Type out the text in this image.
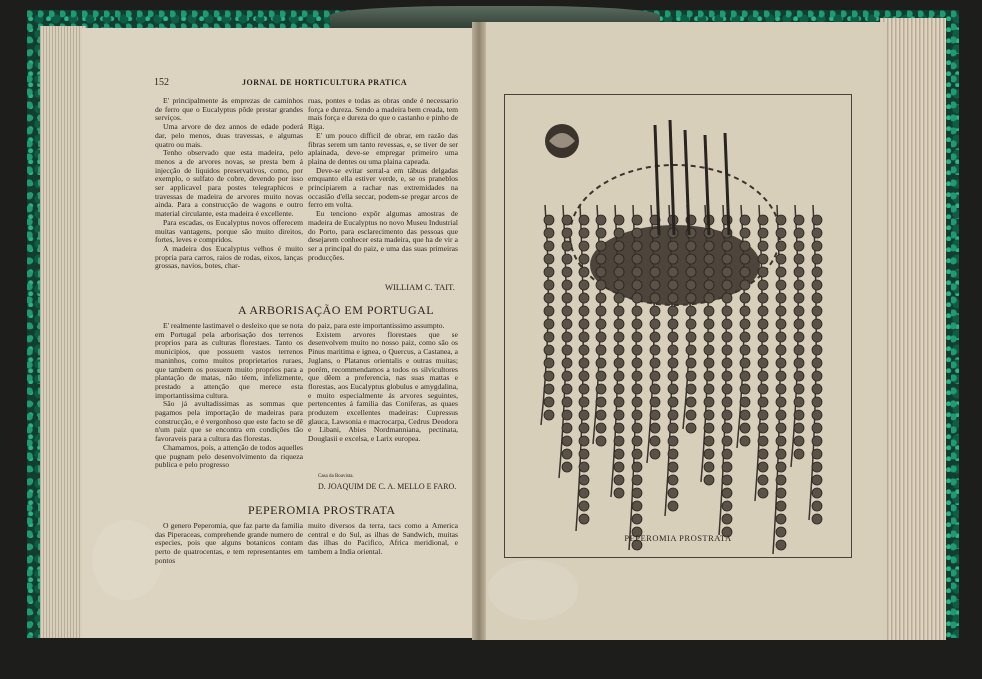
152	JORNAL DE HORTICULTURA PRATICA

E' principalmente ás emprezas de caminhos de ferro que o Eucalyptus pôde prestar grandes serviços.

Uma arvore de dez annos de edade poderá dar, pelo menos, duas travessas, e algumas quatro ou mais.

Tenho observado que esta madeira, pelo menos a de arvores novas, se presta bem á injecção de liquidos preservativos, como, por exemplo, o sulfato de cobre, devendo por isso ser applicavel para postes telegraphicos e travessas de madeira de arvores muito novas ainda. Para a construcção de wagons e outro material circulante, esta madeira é excellente.

Para escadas, os Eucalyptus novos offerecem muitas vantagens, porque são muito direitos, fortes, leves e compridos.

A madeira dos Eucalyptus velhos é muito propria para carros, raios de rodas, eixos, lanças grossas, navios, botes, char-

ruas, pontes e todas as obras onde é necessario força e dureza. Sendo a madeira bem creada, tem mais força e dureza do que o castanho e pinho de Riga.

E' um pouco difficil de obrar, em razão das fibras serem um tanto revessas, e, se tiver de ser aplainada, deve-se empregar primeiro uma plaina de dentes ou uma plaina capeada.

Deve-se evitar serral-a em tábuas delgadas emquanto ella estiver verde, e, se os praneblos principiarem a rachar nas extremidades na occasião d'ella seccar, podem-se pregar arcos de ferro em volta.

Eu tenciono expôr algumas amostras de madeira de Eucalyptus no novo Museu Industrial do Porto, para esclarecimento das pessoas que desejarem conhecer esta madeira, que ha de vir a ser a principal do paiz, e uma das suas primeiras producções.

WILLIAM C. TAIT.
A ARBORISAÇÃO EM PORTUGAL

E' realmente lastimavel o desleixo que se nota em Portugal pela arborisação dos terrenos proprios para as culturas florestaes. Tanto os municipios, que possuem vastos terrenos maninhos, como muitos proprietarios ruraes, que tambem os possuem muito proprios para a plantação de matas, não téem, infelizmente, prestado a attenção que merece esta importantissima cultura.

São já avultadissimas as sommas que pagamos pela importação de madeiras para construcção, e é vergonhoso que este facto se dê n'um paiz que se encontra em condições tão favoraveis para a cultura das florestas.

Chamamos, pois, a attenção de todos aquelles que pugnam pelo desenvolvimento da riqueza publica e pelo progresso

do paiz, para este importantissimo assumpto.

Existem arvores florestaes que se desenvolvem muito no nosso paiz, como são os Pinus maritima e ignea, o Quercus, a Castanea, a Juglans, o Platanus orientalis e outras muitas; porém, recommendamos a todos os silvicultores que dêem a preferencia, nas suas mattas e florestas, aos Eucalyptus globulus e amygdalina, e muito especialmente ás arvores seguintes, pertencentes á familia das Coniferas, as quaes produzem excellentes madeiras: Cupressus glauca, Lawsonia e macrocarpa, Cedrus Deodora e Libani, Abies Nordmanniana, pectinata, Douglasii e excelsa, e Larix europea.

Casa da Boavista.
D. JOAQUIM DE C. A. MELLO E FARO.
PEPEROMIA PROSTRATA

O genero Peperomia, que faz parte da familia das Piperaceas, comprehende grande numero de especies, pois que alguns botanicos contam perto de quatrocentas, e tem representantes em pontos

muito diversos da terra, tacs como a America central e do Sul, as ilhas de Sandwich, muitas das ilhas do Pacifico, Africa meridional, e tambem a India oriental.

PEPEROMIA PROSTRATA
